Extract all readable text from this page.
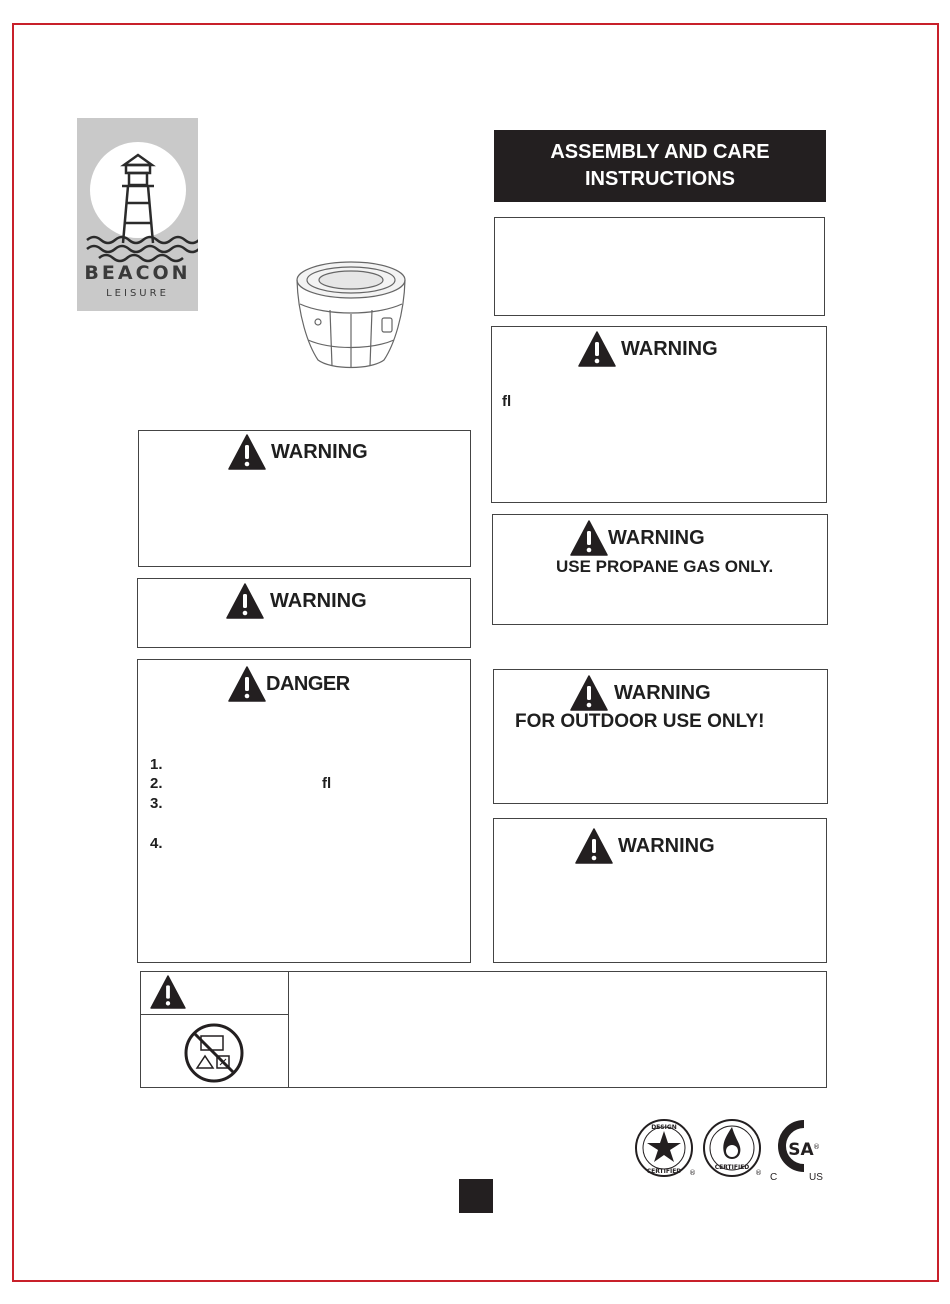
BEACON
LEISURE
ASSEMBLY AND CARE
INSTRUCTIONS
WARNING
ﬂ
WARNING
USE PROPANE GAS ONLY.
WARNING
FOR OUTDOOR USE ONLY!
WARNING
WARNING
WARNING
DANGER
1.
2.	ﬂ
3.
4.
DESIGN
CERTIFIED ®
CERTIFIED
®
SA
C	US
®
